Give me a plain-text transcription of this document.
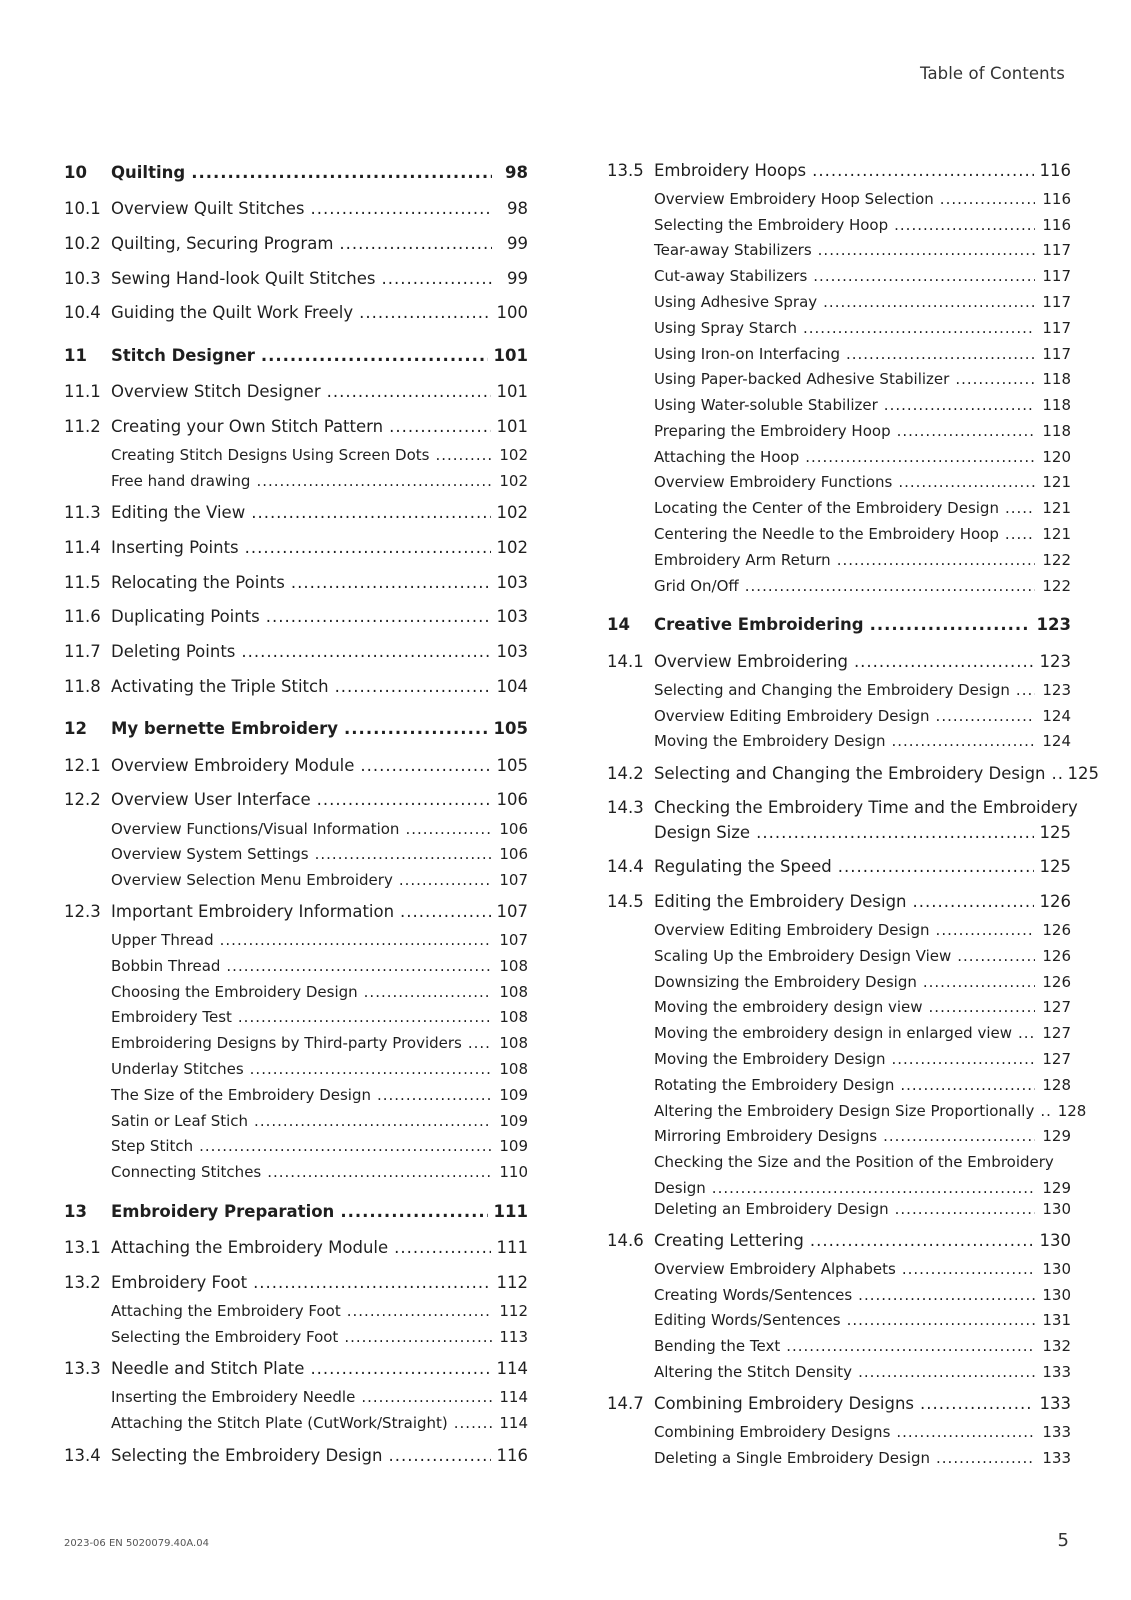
Table of Contents
10 Quilting .....	98
10.1 Overview Quilt Stitches .....	98
10.2 Quilting, Securing Program .....	99
10.3 Sewing Hand-look Quilt Stitches .....	99
10.4 Guiding the Quilt Work Freely .....	100
11 Stitch Designer .....	101
11.1 Overview Stitch Designer .....	101
11.2 Creating your Own Stitch Pattern .....	101
Creating Stitch Designs Using Screen Dots .....	102
Free hand drawing .....	102
11.3 Editing the View .....	102
11.4 Inserting Points .....	102
11.5 Relocating the Points .....	103
11.6 Duplicating Points .....	103
11.7 Deleting Points .....	103
11.8 Activating the Triple Stitch .....	104
12 My bernette Embroidery .....	105
12.1 Overview Embroidery Module .....	105
12.2 Overview User Interface .....	106
Overview Functions/Visual Information .....	106
Overview System Settings .....	106
Overview Selection Menu Embroidery .....	107
12.3 Important Embroidery Information .....	107
Upper Thread .....	107
Bobbin Thread .....	108
Choosing the Embroidery Design .....	108
Embroidery Test .....	108
Embroidering Designs by Third-party Providers ..... 108
Underlay Stitches .....	108
The Size of the Embroidery Design .....	109
Satin or Leaf Stich .....	109
Step Stitch .....	109
Connecting Stitches .....	110
13 Embroidery Preparation .....	111
13.1 Attaching the Embroidery Module .....	111
13.2 Embroidery Foot .....	112
Attaching the Embroidery Foot .....	112
Selecting the Embroidery Foot .....	113
13.3 Needle and Stitch Plate .....	114
Inserting the Embroidery Needle .....	114
Attaching the Stitch Plate (CutWork/Straight) .....	114
13.4 Selecting the Embroidery Design .....	116
13.5 Embroidery Hoops .....	116
Overview Embroidery Hoop Selection .....	116
Selecting the Embroidery Hoop .....	116
Tear-away Stabilizers .....	117
Cut-away Stabilizers .....	117
Using Adhesive Spray .....	117
Using Spray Starch .....	117
Using Iron-on Interfacing .....	117
Using Paper-backed Adhesive Stabilizer .....	118
Using Water-soluble Stabilizer .....	118
Preparing the Embroidery Hoop .....	118
Attaching the Hoop .....	120
Overview Embroidery Functions .....	121
Locating the Center of the Embroidery Design .....	121
Centering the Needle to the Embroidery Hoop .....	121
Embroidery Arm Return .....	122
Grid On/Off .....	122
14 Creative Embroidering .....	123
14.1 Overview Embroidering .....	123
Selecting and Changing the Embroidery Design ..... 123
Overview Editing Embroidery Design .....	124
Moving the Embroidery Design .....	124
14.2 Selecting and Changing the Embroidery Design ..... 125
14.3 Checking the Embroidery Time and the Embroidery
Design Size .....	125
14.4 Regulating the Speed .....	125
14.5 Editing the Embroidery Design .....	126
Overview Editing Embroidery Design .....	126
Scaling Up the Embroidery Design View .....	126
Downsizing the Embroidery Design .....	126
Moving the embroidery design view .....	127
Moving the embroidery design in enlarged view ..... 127
Moving the Embroidery Design .....	127
Rotating the Embroidery Design .....	128
Altering the Embroidery Design Size Proportionally ..... 128
Mirroring Embroidery Designs .....	129
Checking the Size and the Position of the Embroidery
Design .....	129
Deleting an Embroidery Design .....	130
14.6 Creating Lettering .....	130
Overview Embroidery Alphabets .....	130
Creating Words/Sentences .....	130
Editing Words/Sentences .....	131
Bending the Text .....	132
Altering the Stitch Density .....	133
14.7 Combining Embroidery Designs .....	133
Combining Embroidery Designs .....	133
Deleting a Single Embroidery Design .....	133
2023-06 EN 5020079.40A.04	5
